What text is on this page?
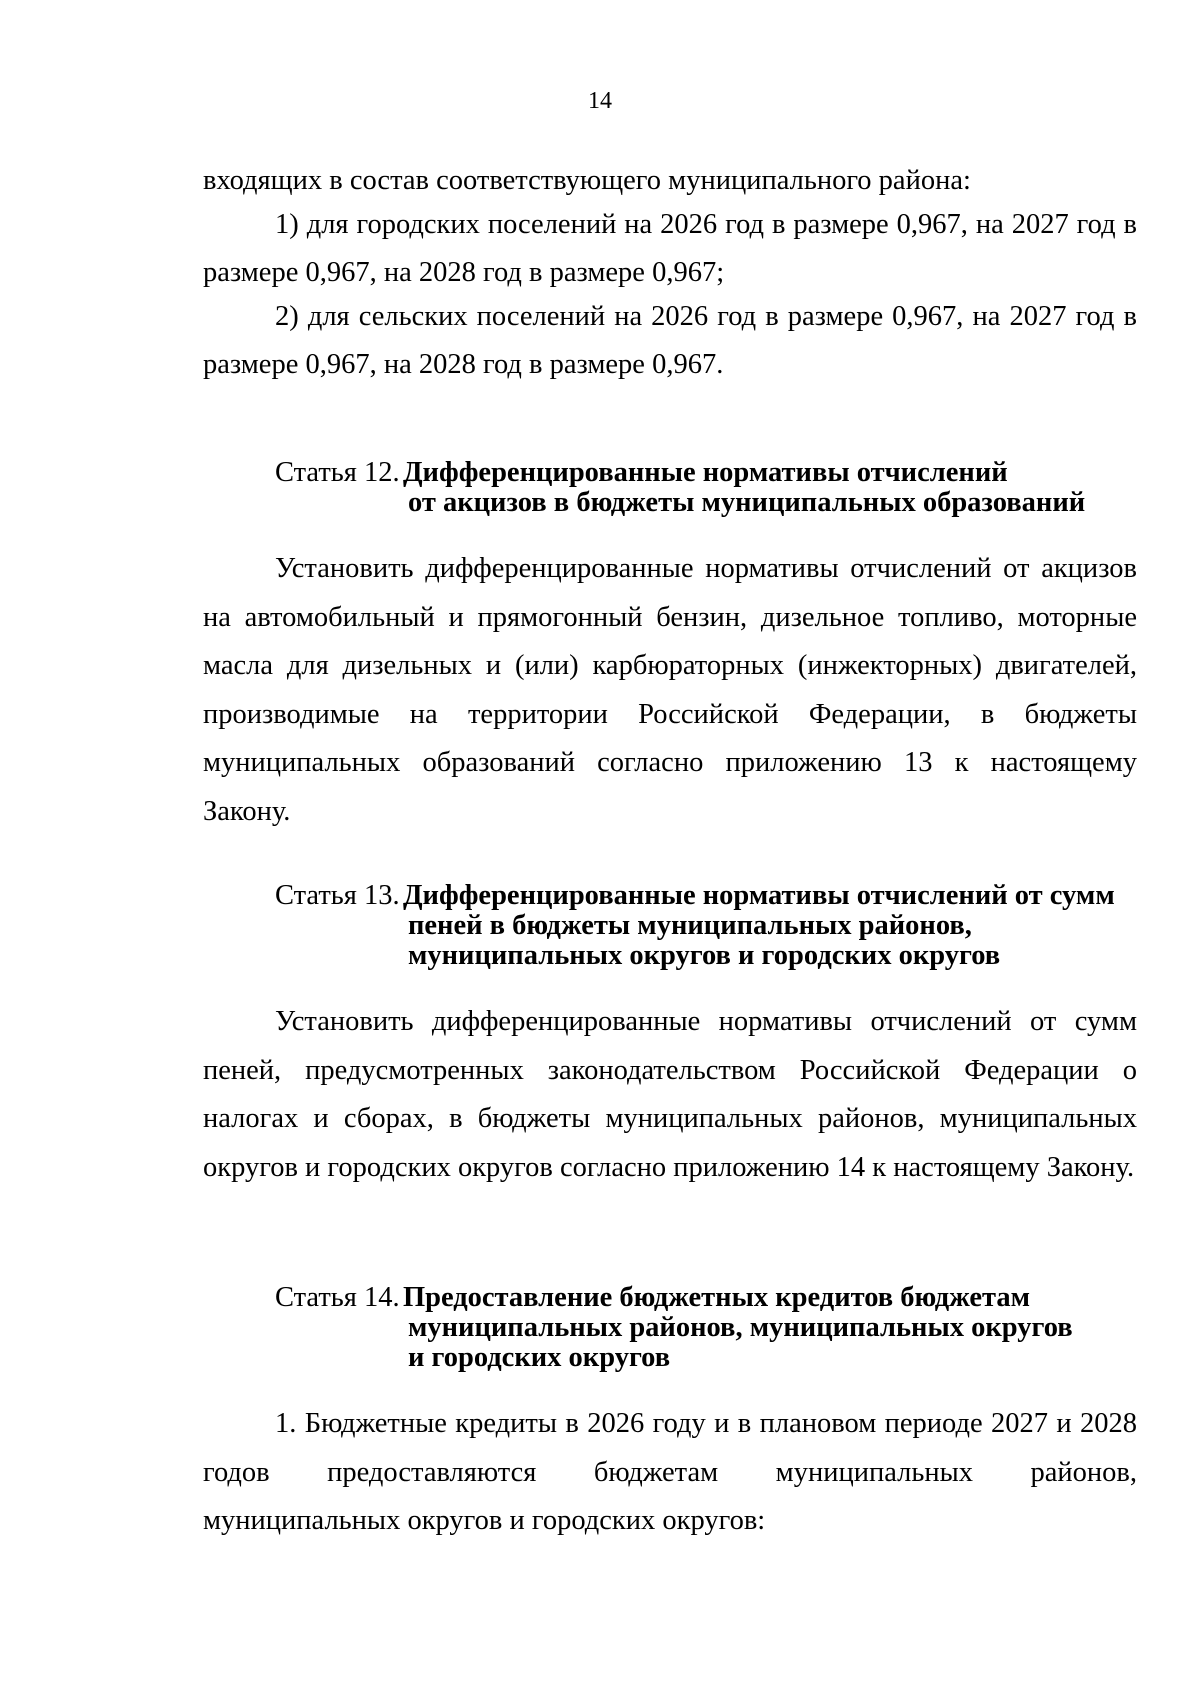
14

входящих в состав соответствующего муниципального района:

1) для городских поселений на 2026 год в размере 0,967, на 2027 год в размере 0,967, на 2028 год в размере 0,967;

2) для сельских поселений на 2026 год в размере 0,967, на 2027 год в размере 0,967, на 2028 год в размере 0,967.

Статья 12. Дифференцированные нормативы отчислений
от акцизов в бюджеты муниципальных образований

Установить дифференцированные нормативы отчислений от акцизов на автомобильный и прямогонный бензин, дизельное топливо, моторные масла для дизельных и (или) карбюраторных (инжекторных) двигателей, производимые на территории Российской Федерации, в бюджеты муниципальных образований согласно приложению 13 к настоящему Закону.

Статья 13. Дифференцированные нормативы отчислений от сумм
пеней в бюджеты муниципальных районов,
муниципальных округов и городских округов

Установить дифференцированные нормативы отчислений от сумм пеней, предусмотренных законодательством Российской Федерации о налогах и сборах, в бюджеты муниципальных районов, муниципальных округов и городских округов согласно приложению 14 к настоящему Закону.

Статья 14. Предоставление бюджетных кредитов бюджетам
муниципальных районов, муниципальных округов
и городских округов

1. Бюджетные кредиты в 2026 году и в плановом периоде 2027 и 2028 годов предоставляются бюджетам муниципальных районов, муниципальных округов и городских округов:
